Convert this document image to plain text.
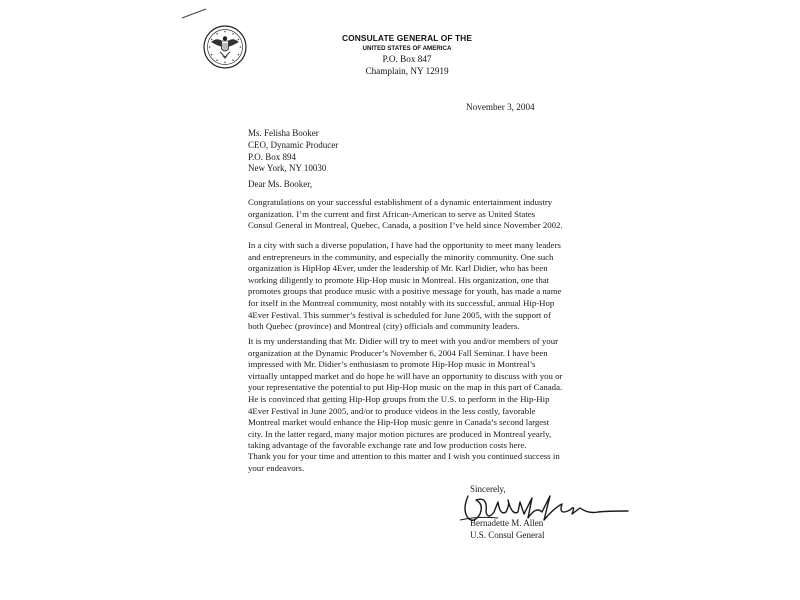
CONSULATE GENERAL OF THE
UNITED STATES OF AMERICA
P.O. Box 847
Champlain, NY 12919
November 3, 2004
Ms. Felisha Booker
CEO, Dynamic Producer
P.O. Box 894
New York, NY 10030
Dear Ms. Booker,
Congratulations on your successful establishment of a dynamic entertainment industry
organization. I’m the current and first African-American to serve as United States
Consul General in Montreal, Quebec, Canada, a position I’ve held since November 2002.
In a city with such a diverse population, I have had the opportunity to meet many leaders
and entrepreneurs in the community, and especially the minority community. One such
organization is HipHop 4Ever, under the leadership of Mr. Karl Didier, who has been
working diligently to promote Hip-Hop music in Montreal. His organization, one that
promotes groups that produce music with a positive message for youth, has made a name
for itself in the Montreal community, most notably with its successful, annual Hip-Hop
4Ever Festival. This summer’s festival is scheduled for June 2005, with the support of
both Quebec (province) and Montreal (city) officials and community leaders.
It is my understanding that Mr. Didier will try to meet with you and/or members of your
organization at the Dynamic Producer’s November 6, 2004 Fall Seminar. I have been
impressed with Mr. Didier’s enthusiasm to promote Hip-Hop music in Montreal’s
virtually untapped market and do hope he will have an opportunity to discuss with you or
your representative the potential to put Hip-Hop music on the map in this part of Canada.
He is convinced that getting Hip-Hop groups from the U.S. to perform in the Hip-Hip
4Ever Festival in June 2005, and/or to produce videos in the less costly, favorable
Montreal market would enhance the Hip-Hop music genre in Canada’s second largest
city. In the latter regard, many major motion pictures are produced in Montreal yearly,
taking advantage of the favorable exchange rate and low production costs here.
Thank you for your time and attention to this matter and I wish you continued success in
your endeavors.
Sincerely,
Bernadette M. Allen
U.S. Consul General
